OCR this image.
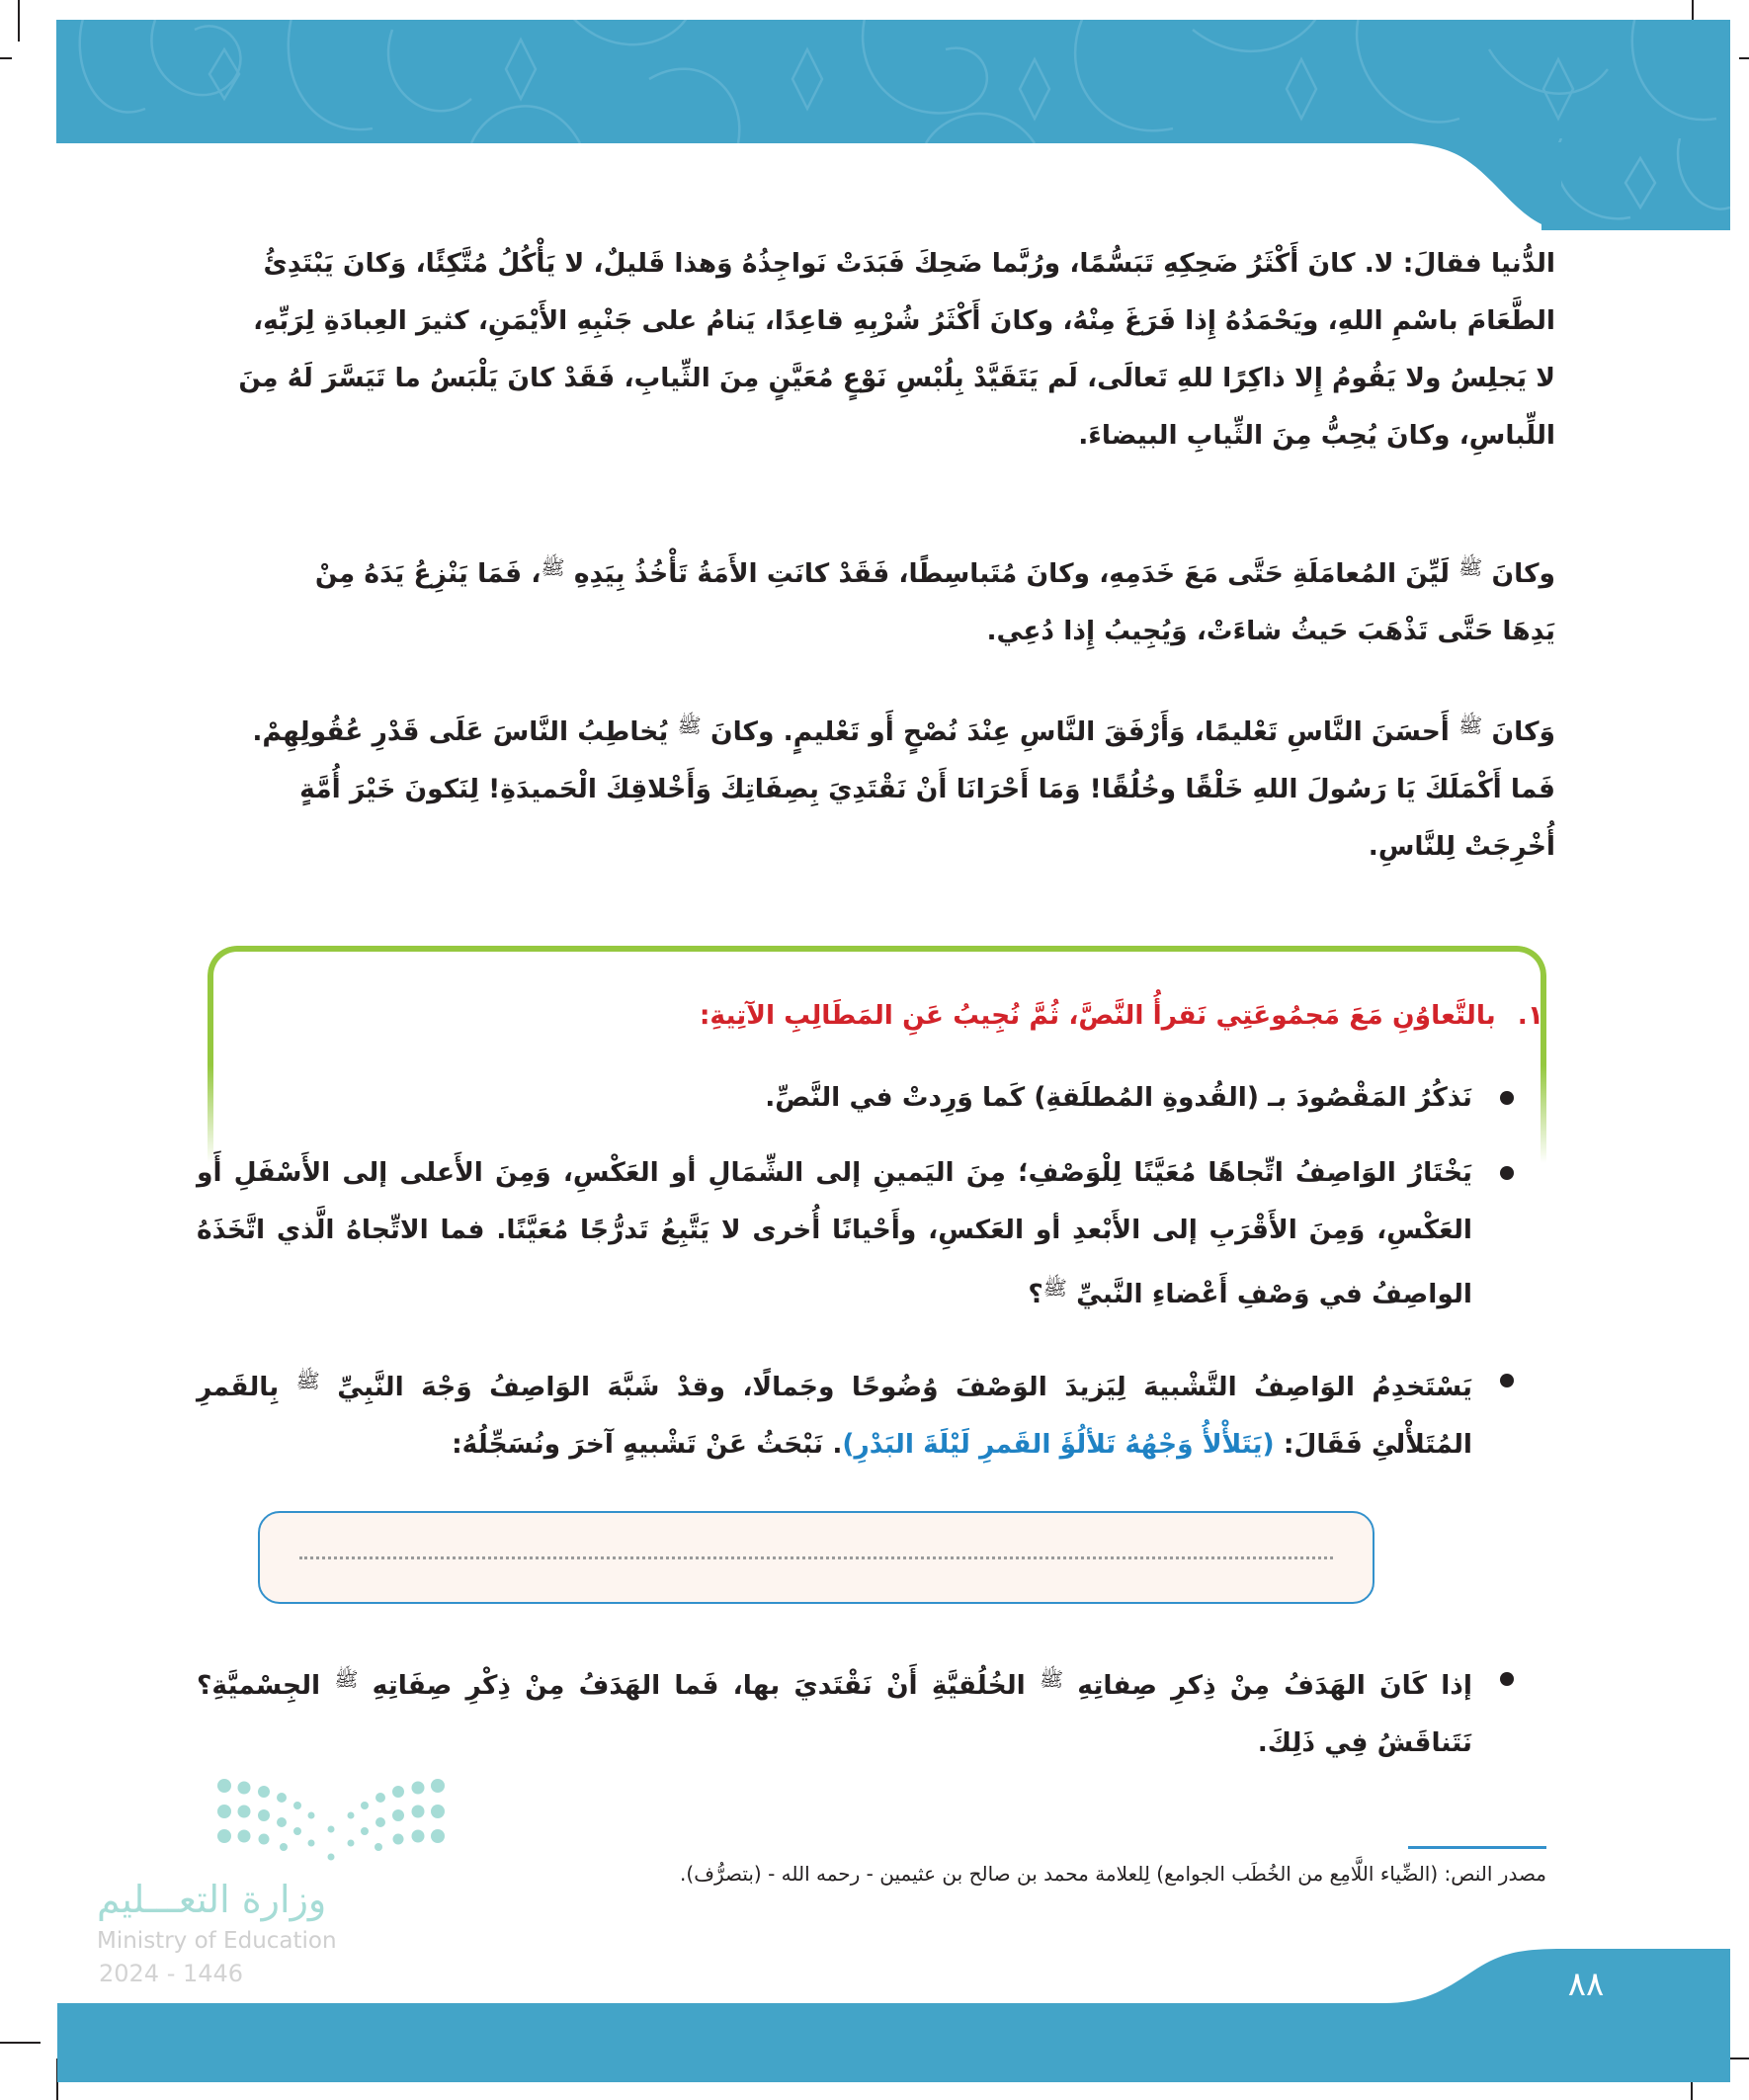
الدُّنيا فقالَ: لا. كانَ أَكْثَرُ ضَحِكِهِ تَبَسُّمًا، ورُبَّما ضَحِكَ فَبَدَتْ نَواجِذُهُ وَهذا قَليلٌ، لا يَأْكُلُ مُتَّكِئًا، وَكانَ يَبْتَدِئُ
الطَّعَامَ باسْمِ اللهِ، ويَحْمَدُهُ إِذا فَرَغَ مِنْهُ، وكانَ أَكْثَرُ شُرْبِهِ قاعِدًا، يَنامُ على جَنْبِهِ الأَيْمَنِ، كثيرَ العِبادَةِ لِرَبِّهِ،
لا يَجلِسُ ولا يَقُومُ إِلا ذاكِرًا للهِ تَعالَى، لَم يَتَقَيَّدْ بِلُبْسِ نَوْعٍ مُعَيَّنٍ مِنَ الثِّيابِ، فَقَدْ كانَ يَلْبَسُ ما تَيَسَّرَ لَهُ مِنَ
اللِّباسِ، وكانَ يُحِبُّ مِنَ الثِّيابِ البيضاءَ.
وكانَ $^ﷺ$ لَيِّنَ المُعامَلَةِ حَتَّى مَعَ خَدَمِهِ، وكانَ مُتَباسِطًا، فَقَدْ كانَتِ الأَمَةُ تَأْخُذُ بِيَدِهِ $^ﷺ$، فَمَا يَنْزِعُ يَدَهُ مِنْ
يَدِهَا حَتَّى تَذْهَبَ حَيثُ شاءَتْ، وَيُجِيبُ إِذا دُعِي.
وَكانَ $^ﷺ$ أَحسَنَ النَّاسِ تَعْليمًا، وَأَرْفَقَ النَّاسِ عِنْدَ نُصْحٍ أَو تَعْليمٍ. وكانَ $^ﷺ$ يُخاطِبُ النَّاسَ عَلَى قَدْرِ عُقُولِهِمْ.
فَما أَكْمَلَكَ يَا رَسُولَ اللهِ خَلْقًا وخُلُقًا! وَمَا أَحْرَانَا أَنْ نَقْتَدِيَ بِصِفَاتِكَ وَأَخْلاقِكَ الْحَميدَةِ! لِنَكونَ خَيْرَ أُمَّةٍ
أُخْرِجَتْ لِلنَّاسِ.
١.بالتَّعاوُنِ مَعَ مَجمُوعَتِي نَقرأُ النَّصَّ، ثُمَّ نُجِيبُ عَنِ المَطَالِبِ الآتِيةِ:
نَذكُرُ المَقْصُودَ بـ (القُدوةِ المُطلَقةِ) كَما وَرِدتْ في النَّصِّ.
يَخْتَارُ الوَاصِفُ اتِّجاهًا مُعَيَّنًا لِلْوَصْفِ؛ مِنَ اليَمينِ إلى الشِّمَالِ أو العَكْسِ، وَمِنَ الأَعلى إلى الأَسْفَلِ أَو العَكْسِ، وَمِنَ الأَقْرَبِ إلى الأَبْعدِ أو العَكسِ، وأَحْيانًا أُخرى لا يَتَّبِعُ تَدرُّجًا مُعَيَّنًا. فما الاتِّجاهُ الَّذي اتَّخَذَهُ الواصِفُ في وَصْفِ أَعْضاءِ النَّبيِّ $^ﷺ$؟
يَسْتَخدِمُ الوَاصِفُ التَّشْبيهَ لِيَزيدَ الوَصْفَ وُضُوحًا وجَمالًا، وقدْ شَبَّهَ الوَاصِفُ وَجْهَ النَّبِيِّ $^ﷺ$ بِالقَمرِ المُتَلأْلئِ فَقَالَ: (يَتَلأْلأُ وَجْهُهُ تَلألُؤَ القَمرِ لَيْلَةَ البَدْرِ). نَبْحَثُ عَنْ تَشْبيهٍ آخرَ ونُسَجِّلُهُ:
إذا كَانَ الهَدَفُ مِنْ ذِكرِ صِفاتِهِ $^ﷺ$ الخُلُقيَّةِ أَنْ نَقْتَديَ بها، فَما الهَدَفُ مِنْ ذِكْرِ صِفَاتِهِ $^ﷺ$ الجِسْميَّةِ؟ نَتَناقَشُ فِي ذَلِكَ.
مصدر النص: (الضِّياء اللَّامِع من الخُطَب الجوامع) لِلعلامة محمد بن صالح بن عثيمين - رحمه الله - (بتصرُّف).
وزارة التعـــليم
Ministry of Education
2024 - 1446	٨٨
